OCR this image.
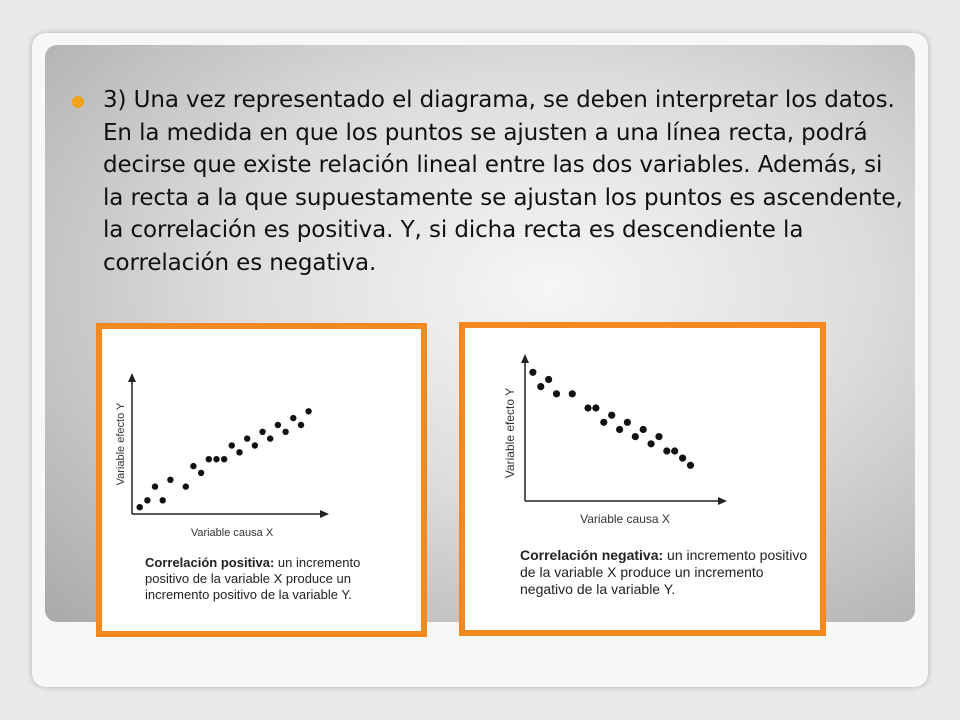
3) Una vez representado el diagrama, se deben interpretar los datos. En la medida en que los puntos se ajusten a una línea recta, podrá decirse que existe relación lineal entre las dos variables. Además, si la recta a la que supuestamente se ajustan los puntos es ascendente, la correlación es positiva. Y, si dicha recta es descendiente la correlación es negativa.

Variable causa X
Variable efecto Y

Correlación positiva: un incremento positivo de la variable X produce un incremento positivo de la variable Y.

Variable causa X
Variable efecto Y

Correlación negativa: un incremento positivo de la variable X produce un incremento negativo de la variable Y.
